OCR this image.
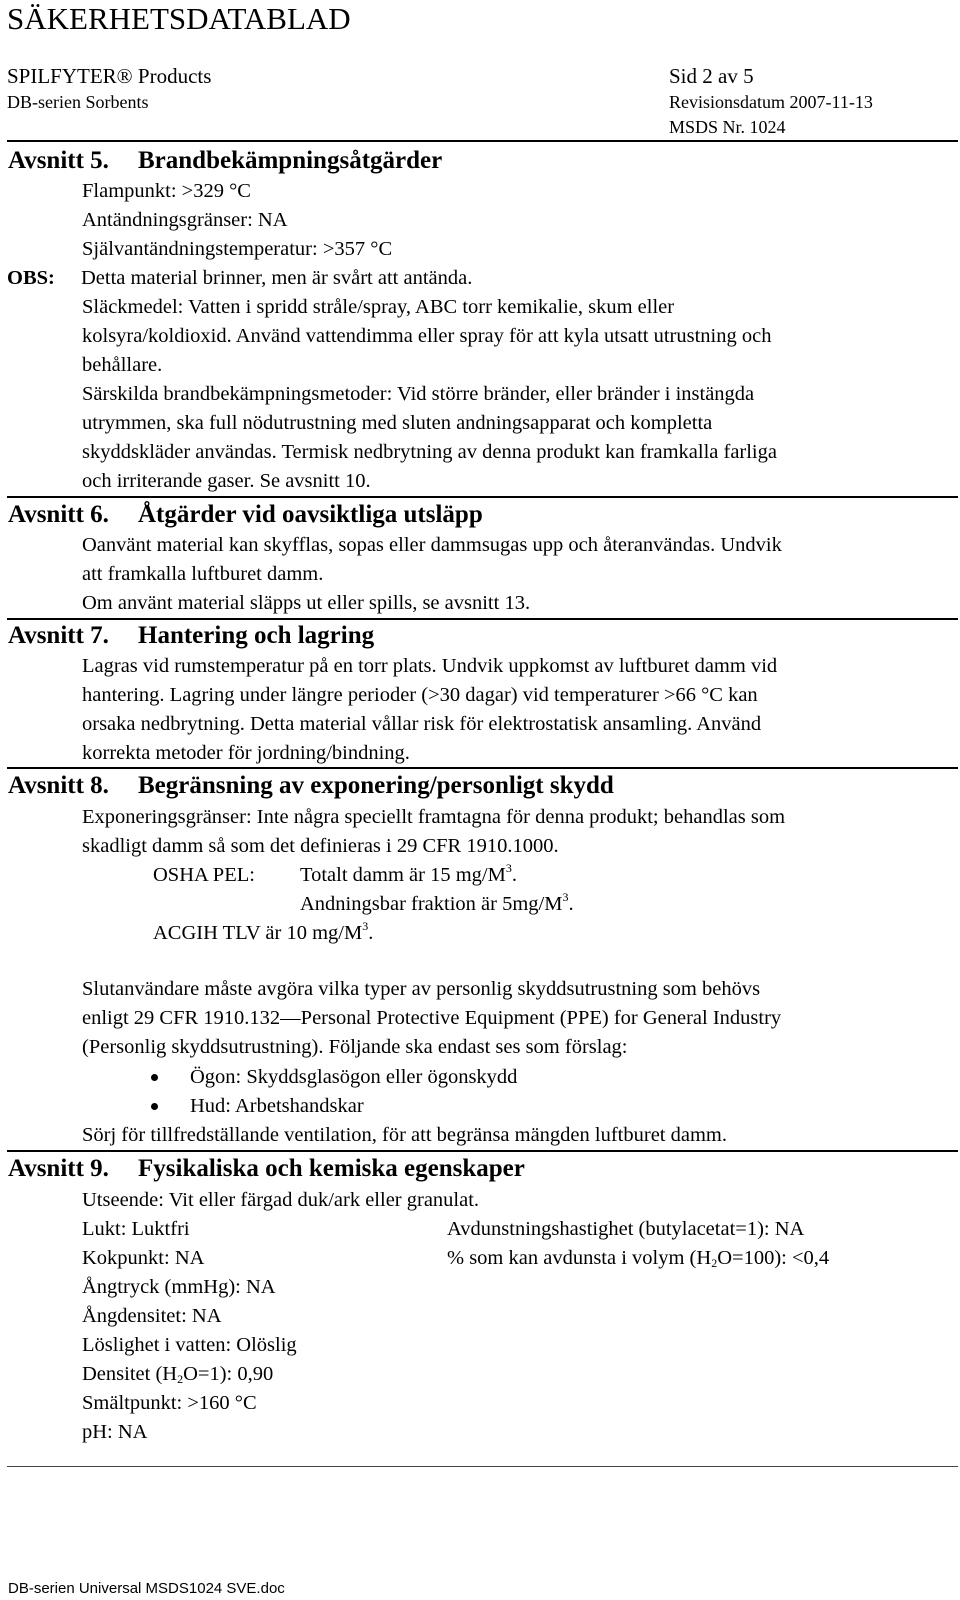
SÄKERHETSDATABLAD
SPILFYTER® Products
DB-serien Sorbents
Sid 2 av 5
Revisionsdatum 2007-11-13
MSDS Nr. 1024
Avsnitt 5. Brandbekämpningsåtgärder
Flampunkt: >329 °C
Antändningsgränser: NA
Självantändningstemperatur: >357 °C
OBS: Detta material brinner, men är svårt att antända.
Släckmedel: Vatten i spridd stråle/spray, ABC torr kemikalie, skum eller
kolsyra/koldioxid. Använd vattendimma eller spray för att kyla utsatt utrustning och
behållare.
Särskilda brandbekämpningsmetoder: Vid större bränder, eller bränder i instängda
utrymmen, ska full nödutrustning med sluten andningsapparat och kompletta
skyddskläder användas. Termisk nedbrytning av denna produkt kan framkalla farliga
och irriterande gaser. Se avsnitt 10.
Avsnitt 6. Åtgärder vid oavsiktliga utsläpp
Oanvänt material kan skyfflas, sopas eller dammsugas upp och återanvändas. Undvik
att framkalla luftburet damm.
Om använt material släpps ut eller spills, se avsnitt 13.
Avsnitt 7. Hantering och lagring
Lagras vid rumstemperatur på en torr plats. Undvik uppkomst av luftburet damm vid
hantering. Lagring under längre perioder (>30 dagar) vid temperaturer >66 °C kan
orsaka nedbrytning. Detta material vållar risk för elektrostatisk ansamling. Använd
korrekta metoder för jordning/bindning.
Avsnitt 8. Begränsning av exponering/personligt skydd
Exponeringsgränser: Inte några speciellt framtagna för denna produkt; behandlas som
skadligt damm så som det definieras i 29 CFR 1910.1000.
OSHA PEL: Totalt damm är 15 $mg/M^3$.
Andningsbar fraktion är $5mg/M^3$.
ACGIH TLV är 10 $mg/M^3$.
Slutanvändare måste avgöra vilka typer av personlig skyddsutrustning som behövs
enligt 29 CFR 1910.132—Personal Protective Equipment (PPE) for General Industry
(Personlig skyddsutrustning). Följande ska endast ses som förslag:
Ögon: Skyddsglasögon eller ögonskydd
Hud: Arbetshandskar
Sörj för tillfredställande ventilation, för att begränsa mängden luftburet damm.
Avsnitt 9. Fysikaliska och kemiska egenskaper
Utseende: Vit eller färgad duk/ark eller granulat.
Lukt: Luktfri
Kokpunkt: NA
Ångtryck (mmHg): NA
Ångdensitet: NA
Löslighet i vatten: Olöslig
Densitet $(H_2O=1)$: 0,90
Smältpunkt: >160 °C
pH: NA
Avdunstningshastighet (butylacetat=1): NA
% som kan avdunsta i volym $(H_2O=100)$: <0,4
DB-serien Universal MSDS1024 SVE.doc
